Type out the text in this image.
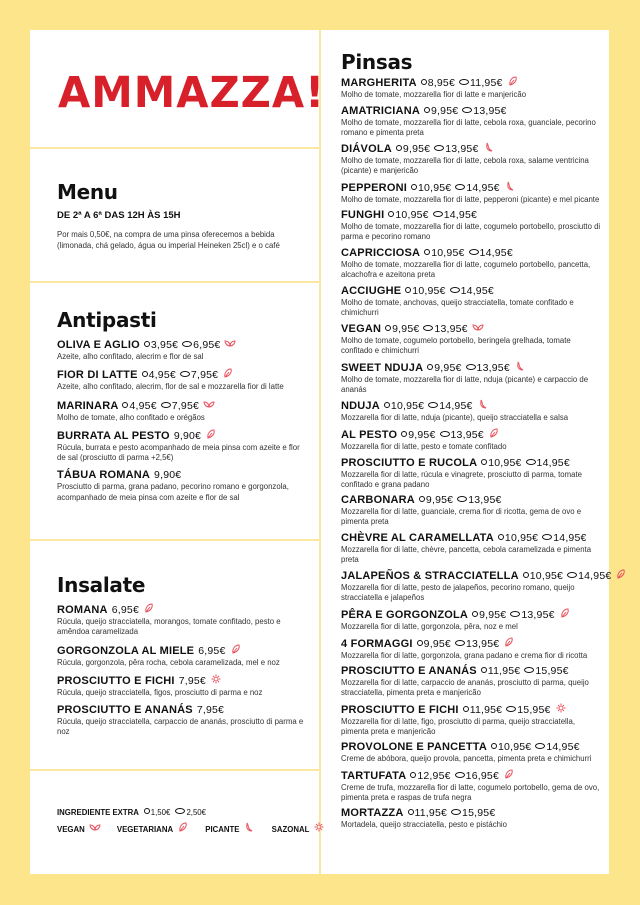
AMMAZZA!
Menu
DE 2ª A 6ª DAS 12H ÀS 15H
Por mais 0,50€, na compra de uma pinsa oferecemos a bebida (limonada, chá gelado, água ou imperial Heineken 25cl) e o café
Antipasti
OLIVA E AGLIO 3,95€ 6,95€
Azeite, alho confitado, alecrim e flor de sal
FIOR DI LATTE 4,95€ 7,95€
Azeite, alho confitado, alecrim, flor de sal e mozzarella fior di latte
MARINARA 4,95€ 7,95€
Molho de tomate, alho confitado e orégãos
BURRATA AL PESTO 9,90€
Rúcula, burrata e pesto acompanhado de meia pinsa com azeite e flor de sal (prosciutto di parma +2,5€)
TÁBUA ROMANA 9,90€
Prosciutto di parma, grana padano, pecorino romano e gorgonzola, acompanhado de meia pinsa com azeite e flor de sal
Insalate
ROMANA 6,95€
Rúcula, queijo stracciatella, morangos, tomate confitado, pesto e amêndoa caramelizada
GORGONZOLA AL MIELE 6,95€
Rúcula, gorgonzola, pêra rocha, cebola caramelizada, mel e noz
PROSCIUTTO E FICHI 7,95€
Rúcula, queijo stracciatella, figos, prosciutto di parma e noz
PROSCIUTTO E ANANÁS 7,95€
Rúcula, queijo stracciatella, carpaccio de ananás, prosciutto di parma e noz
INGREDIENTE EXTRA 1,50€ 2,50€
VEGAN	VEGETARIANA	PICANTE	SAZONAL
Pinsas
MARGHERITA 8,95€ 11,95€
Molho de tomate, mozzarella fior di latte e manjericão
AMATRICIANA 9,95€ 13,95€
Molho de tomate, mozzarella fior di latte, cebola roxa, guanciale, pecorino romano e pimenta preta
DIÁVOLA 9,95€ 13,95€
Molho de tomate, mozzarella fior di latte, cebola roxa, salame ventricina (picante) e manjericão
PEPPERONI 10,95€ 14,95€
Molho de tomate, mozzarella fior di latte, pepperoni (picante) e mel picante
FUNGHI 10,95€ 14,95€
Molho de tomate, mozzarella fior di latte, cogumelo portobello, prosciutto di parma e pecorino romano
CAPRICCIOSA 10,95€ 14,95€
Molho de tomate, mozzarella fior di latte, cogumelo portobello, pancetta, alcachofra e azeitona preta
ACCIUGHE 10,95€ 14,95€
Molho de tomate, anchovas, queijo stracciatella, tomate confitado e chimichurri
VEGAN 9,95€ 13,95€
Molho de tomate, cogumelo portobello, beringela grelhada, tomate confitado e chimichurri
SWEET NDUJA 9,95€ 13,95€
Molho de tomate, mozzarella fior di latte, nduja (picante) e carpaccio de ananás
NDUJA 10,95€ 14,95€
Mozzarella fior di latte, nduja (picante), queijo stracciatella e salsa
AL PESTO 9,95€ 13,95€
Mozzarella fior di latte, pesto e tomate confitado
PROSCIUTTO E RUCOLA 10,95€ 14,95€
Mozzarella fior di latte, rúcula e vinagrete, prosciutto di parma, tomate confitado e grana padano
CARBONARA 9,95€ 13,95€
Mozzarella fior di latte, guanciale, crema fior di ricotta, gema de ovo e pimenta preta
CHÈVRE AL CARAMELLATA 10,95€ 14,95€
Mozzarella fior di latte, chèvre, pancetta, cebola caramelizada e pimenta preta
JALAPEÑOS & STRACCIATELLA 10,95€ 14,95€
Mozzarella fior di latte, pesto de jalapeños, pecorino romano, queijo stracciatella e jalapeños
PÊRA E GORGONZOLA 9,95€ 13,95€
Mozzarella fior di latte, gorgonzola, pêra, noz e mel
4 FORMAGGI 9,95€ 13,95€
Mozzarella fior di latte, gorgonzola, grana padano e crema fior di ricotta
PROSCIUTTO E ANANÁS 11,95€ 15,95€
Mozzarella fior di latte, carpaccio de ananás, prosciutto di parma, queijo stracciatella, pimenta preta e manjericão
PROSCIUTTO E FICHI 11,95€ 15,95€
Mozzarella fior di latte, figo, prosciutto di parma, queijo stracciatella, pimenta preta e manjericão
PROVOLONE E PANCETTA 10,95€ 14,95€
Creme de abóbora, queijo provola, pancetta, pimenta preta e chimichurri
TARTUFATA 12,95€ 16,95€
Creme de trufa, mozzarella fior di latte, cogumelo portobello, gema de ovo, pimenta preta e raspas de trufa negra
MORTAZZA 11,95€ 15,95€
Mortadela, queijo stracciatella, pesto e pistáchio
